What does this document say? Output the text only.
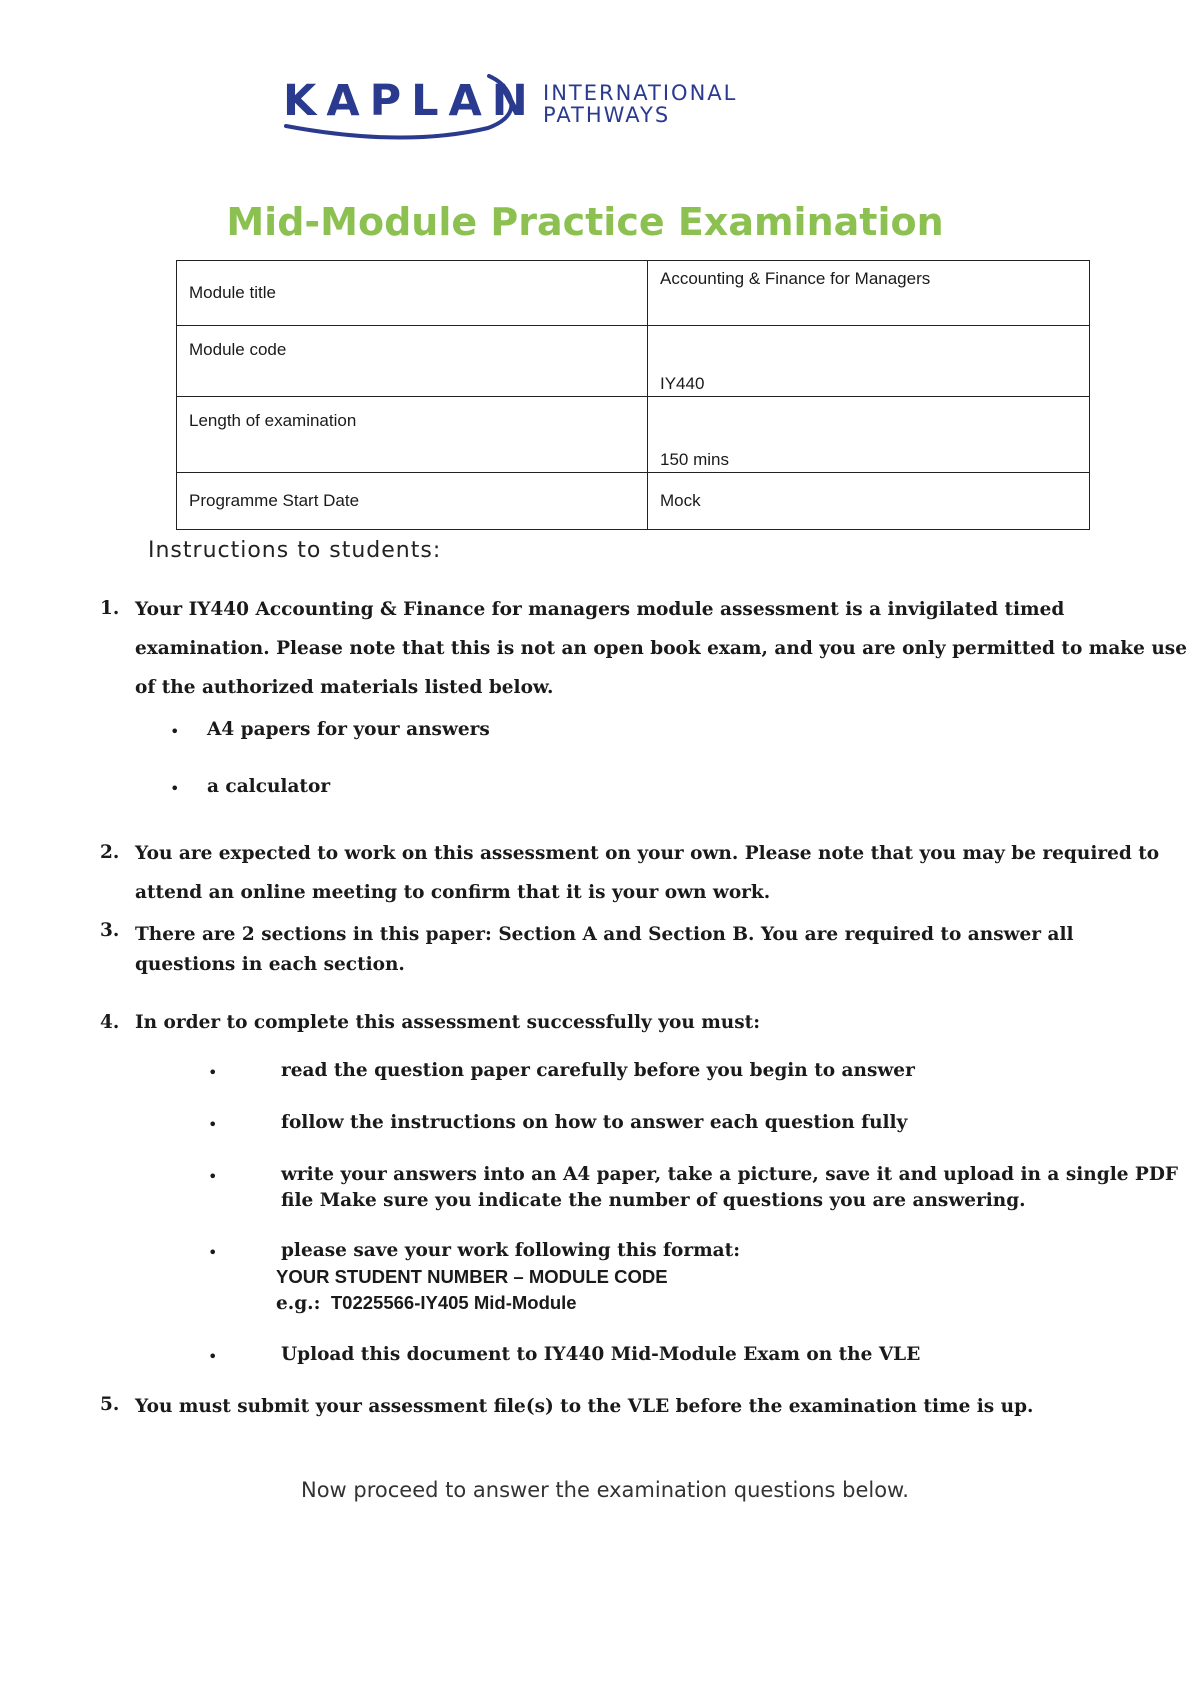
KAPLAN INTERNATIONAL
PATHWAYS
Mid-Module Practice Examination
Module title	Accounting & Finance for Managers
Module code	IY440
Length of examination	150 mins
Programme Start Date	Mock
Instructions to students:
1. Your IY440 Accounting & Finance for managers module assessment is a invigilated timed examination. Please note that this is not an open book exam, and you are only permitted to make use of the authorized materials listed below.
• A4 papers for your answers
• a calculator
2. You are expected to work on this assessment on your own. Please note that you may be required to attend an online meeting to confirm that it is your own work.
3. There are 2 sections in this paper: Section A and Section B. You are required to answer all questions in each section.
4. In order to complete this assessment successfully you must:
•	read the question paper carefully before you begin to answer
•	follow the instructions on how to answer each question fully
•	write your answers into an A4 paper, take a picture, save it and upload in a single PDF file Make sure you indicate the number of questions you are answering.
•	please save your work following this format:
YOUR STUDENT NUMBER – MODULE CODE
e.g.: T0225566-IY405 Mid-Module
•	Upload this document to IY440 Mid-Module Exam on the VLE
5. You must submit your assessment file(s) to the VLE before the examination time is up.
Now proceed to answer the examination questions below.
